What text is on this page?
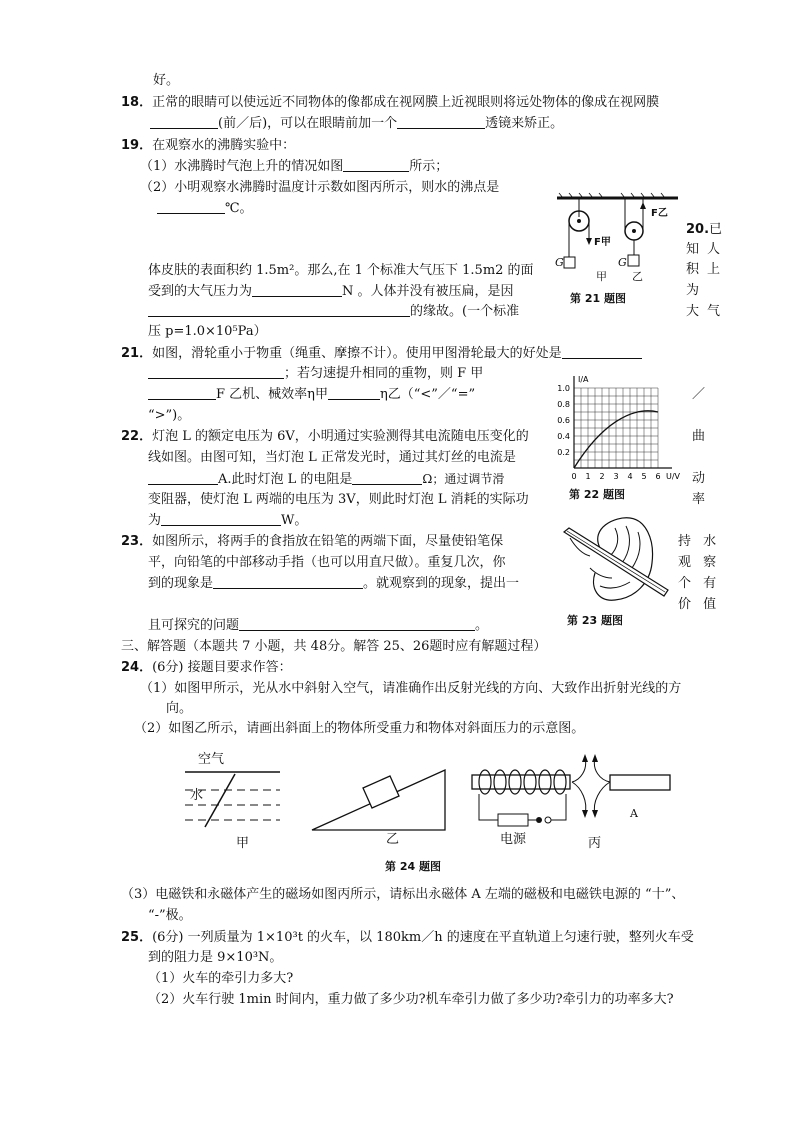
好。
18．正常的眼睛可以使远近不同物体的像都成在视网膜上近视眼则将远处物体的像成在视网膜
(前／后)，可以在眼睛前加一个	透镜来矫正。
19．在观察水的沸腾实验中：
（1）水沸腾时气泡上升的情况如图	所示；
（2）小明观察水沸腾时温度计示数如图丙所示，则水的沸点是
℃。
F甲
F乙
G	G
甲 乙
第 21 题图
20.已
知人
积上
为
大气
体皮肤的表面积约 1.5m²。那么,在 1 个标准大气压下 1.5m2 的面
受到的大气压力为	N 。人体并没有被压扁，是因
的缘故。(一个标准
压 p=1.0×10⁵Pa）
21．如图，滑轮重小于物重（绳重、摩擦不计）。使用甲图滑轮最大的好处是
；若匀速提升相同的重物，则 F 甲
F 乙机、械效率η甲	η乙（“<”／“=”	／
“>”)。
1.0
0.8
0.6
0.4
0.2
0 1 2 3 4 5 6
I/A
U/V
第 22 题图
22．灯泡 L 的额定电压为 6V，小明通过实验测得其电流随电压变化的	曲
线如图。由图可知，当灯泡 L 正常发光时，通过其灯丝的电流是
A.此时灯泡 L 的电阻是	Ω；通过调节滑	动
变阻器，使灯泡 L 两端的电压为 3V，则此时灯泡 L 消耗的实际功	率
为	W。
第 23 题图
23．如图所示，将两手的食指放在铅笔的两端下面，尽量使铅笔保	持 水
平，向铅笔的中部移动手指（也可以用直尺做）。重复几次，你	观 察
到的现象是	。就观察到的现象，提出一	个 有
价 值
且可探究的问题	。
三、解答题（本题共 7 小题，共 48分。解答 25、26题时应有解题过程）
24．(6分) 接题目要求作答：
（1）如图甲所示，光从水中斜射入空气，请准确作出反射光线的方向、大致作出折射光线的方
向。
（2）如图乙所示，请画出斜面上的物体所受重力和物体对斜面压力的示意图。
空气
水
甲	乙	电源	丙
A
第 24 题图
（3）电磁铁和永磁体产生的磁场如图丙所示，请标出永磁体 A 左端的磁极和电磁铁电源的 “十”、
“-”极。
25．(6分) 一列质量为 1×10³t 的火车，以 180km／h 的速度在平直轨道上匀速行驶，整列火车受
到的阻力是 9×10³N。
（1）火车的牵引力多大?
（2）火车行驶 1min 时间内，重力做了多少功?机车牵引力做了多少功?牵引力的功率多大?
